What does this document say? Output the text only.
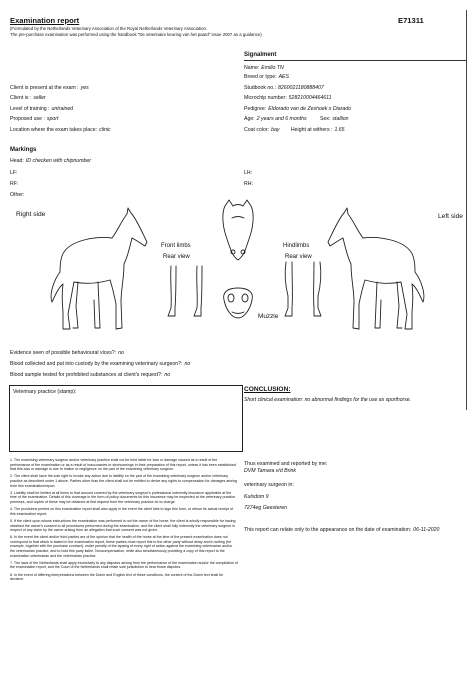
Examination report	E71311
(Formulated by the Netherlands Veterinary Association of the Royal Netherlands Veterinary Association.
The pre-purchase examination was performed using the handbook "De veterinaire keuring van het paard" issue 2007 as a guidance)
Signalment
Name: Emilio TN
Breed or type: AES
Studbook no.: 8260021180888407
Microchip number: 528210004464611
Pedigree: Eldorado van de Zeshoek x Diarado
Age: 2 years and 6 months	Sex: stallion
Coat color: bay Height at withers : 1.65
Client is present at the exam : yes
Client is : seller
Level of training : untrained
Proposed use : sport
Location where the exam takes place: clinic
Markings
Head: ID checken with chipnumber
LF:	LH:
RF:	RH:
Other:
Right side	Left side
Front limbs
Rear view
Hindlimbs
Rear view
Muzzle
Evidence seen of possible behavioural vices?: no
Blood collected and put into custody by the examining veterinary surgeon?: no
Blood sample tested for prohibited substances at client's request?: no
Veterinary practice (stamp):	CONCLUSION:
Short clinical examination: no abnormal findings for the use as sporthorse.

1. The examining veterinary surgeon and/or veterinary practice shall not be held liable for loss or damage caused as a result of the performance of the examination or as a result of inaccuracies or shortcomings in their preparation of this report, unless it has been established that this loss or damage is due to malice or negligence on the part of the examining veterinary surgeon.

2. The client shall have the sole right to invoke any action due to liability on the part of the examining veterinary surgeon and/or veterinary practice as described under 1 above. Parties other than the client shall not be entitled to derive any rights to compensation for damages arising from this examination/report.

3. Liability shall be limited at all times to that amount covered by the veterinary surgeon's professional indemnity insurance applicable at the time of the examination. Details of this coverage in the form of policy documents for this insurance may be inspected at the veterinary practice premises, and copies of these may be obtained at first request from the veterinary practice at no charge.

4. The provisions printed on this examination report shall also apply in the event the client fails to sign this form, or refuse its actual receipt of this examination report.

5. If the client upon whose instructions the examination was performed is not the owner of the horse, the client is wholly responsible for having obtained the owner's consent to all procedures performed during the examination, and the client shall fully indemnify the veterinary surgeon in respect of any claim by the owner arising from an allegation that such consent was not given.

6. In the event the client and/or third parties are of the opinion that the health of the horse at the time of the present examination does not correspond to that which is stated in the examination report, these parties must report this to the other party without delay and in writing (for example, together with the purchase contract), under penalty of the lapsing of every right of action against the examining veterinarian and/or the veterinarian practice, and to hold this party liable. Noncompensation, while also simultaneously providing a copy of this report to the examination veterinarian and the veterinarian practice.

7. The laws of the Netherlands shall apply exclusively to any disputes arising from the performance of the examination and/or the compilation of the examination report, and the Court of the Netherlands shall retain sole jurisdiction to hear those disputes.

8. In the event of differing interpretations between the Dutch and English text of these conditions, the content of the Dutch text shall be decisive.

Thus examined and reported by me:
DVM Tamara v/d Brink
veterinary surgeon in:
Kulsdom 9
7274eg Geesteren
This report can relate only to the appearance on the date of examination: 06-11-2020
